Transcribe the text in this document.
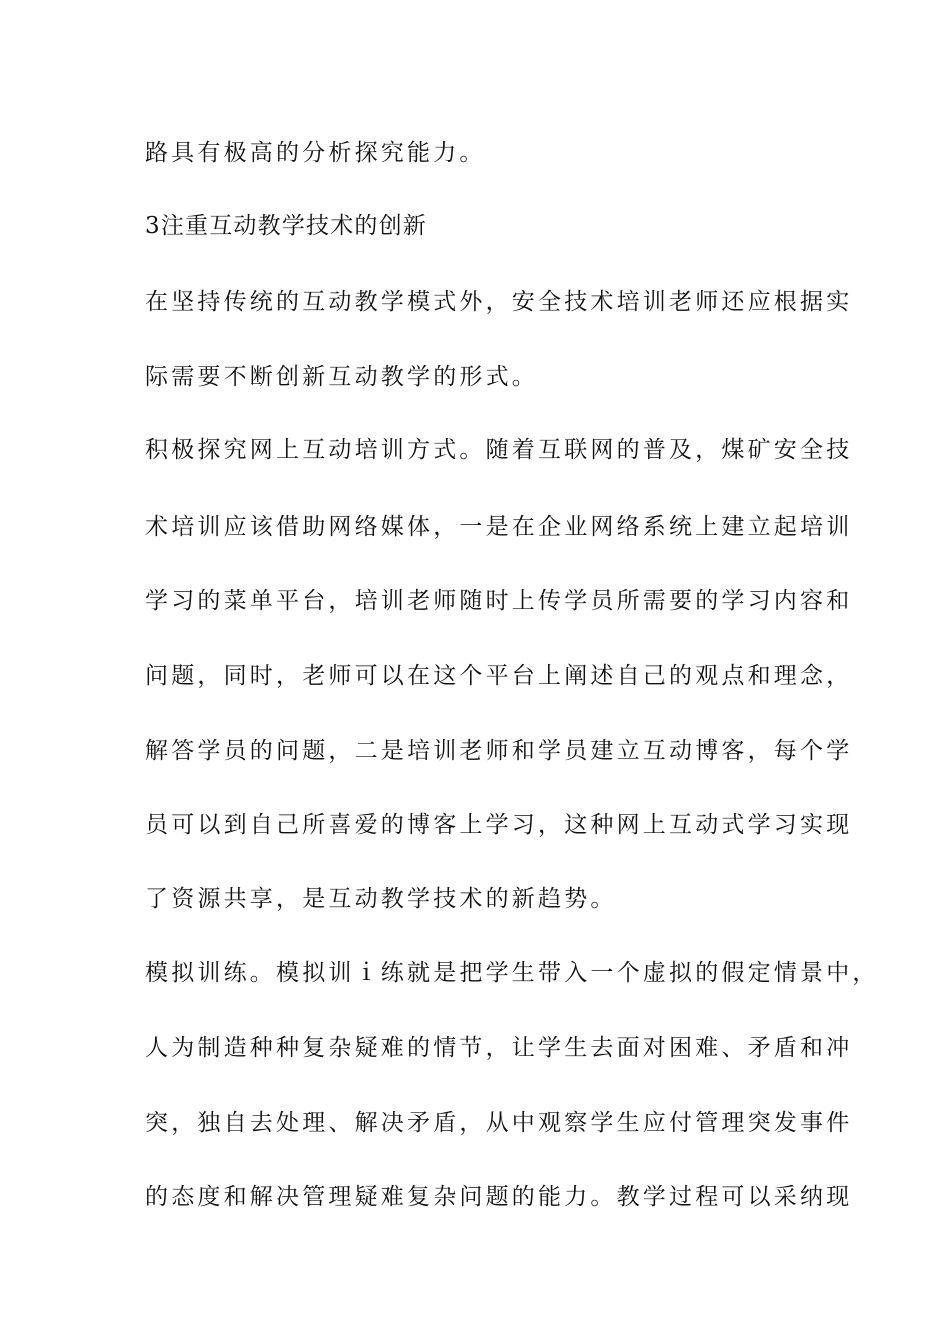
路具有极高的分析探究能力。

3注重互动教学技术的创新

在坚持传统的互动教学模式外，安全技术培训老师还应根据实

际需要不断创新互动教学的形式。

积极探究网上互动培训方式。随着互联网的普及，煤矿安全技

术培训应该借助网络媒体，一是在企业网络系统上建立起培训

学习的菜单平台，培训老师随时上传学员所需要的学习内容和

问题，同时，老师可以在这个平台上阐述自己的观点和理念，

解答学员的问题，二是培训老师和学员建立互动博客，每个学

员可以到自己所喜爱的博客上学习，这种网上互动式学习实现

了资源共享，是互动教学技术的新趋势。

模拟训练。模拟训ｉ练就是把学生带入一个虚拟的假定情景中，

人为制造种种复杂疑难的情节，让学生去面对困难、矛盾和冲

突，独自去处理、解决矛盾，从中观察学生应付管理突发事件

的态度和解决管理疑难复杂问题的能力。教学过程可以采纳现
